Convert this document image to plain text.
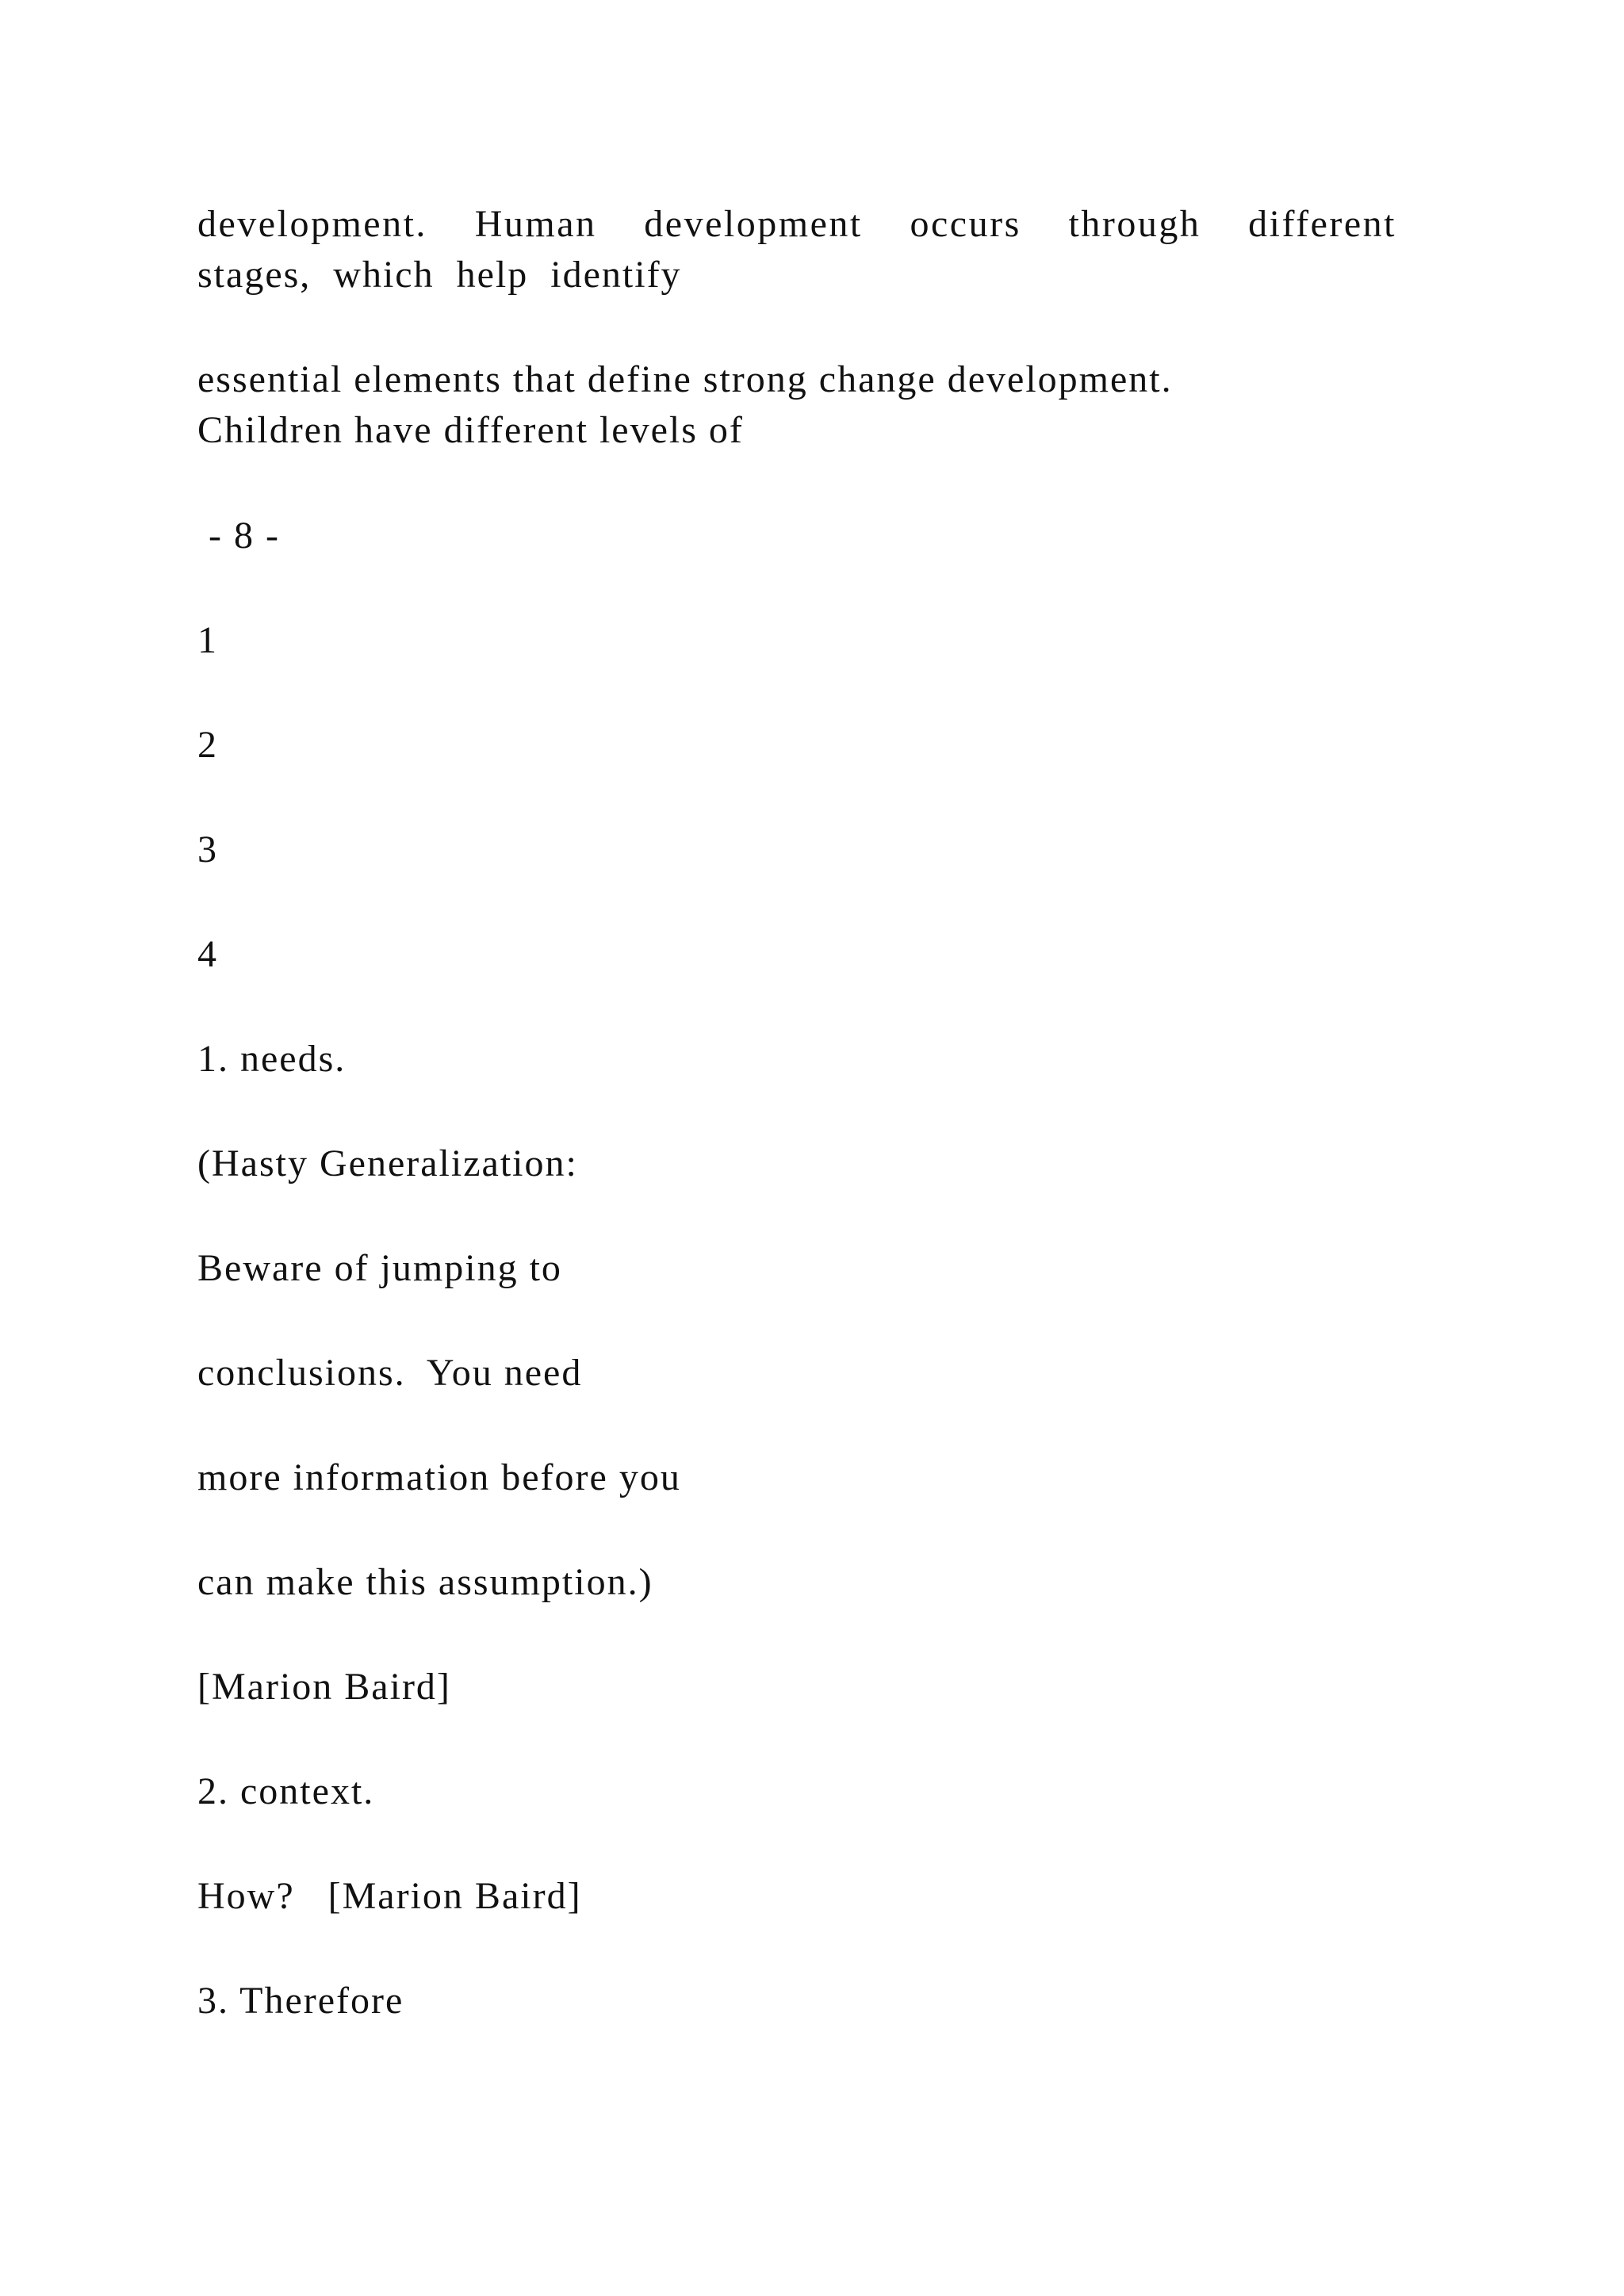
development. Human development occurs through different
stages, which help identify
essential elements that define strong change development.
Children have different levels of
- 8 -
1
2
3
4
1. needs.
(Hasty Generalization:
Beware of jumping to
conclusions.  You need
more information before you
can make this assumption.)
[Marion Baird]
2. context.
How?   [Marion Baird]
3. Therefore
